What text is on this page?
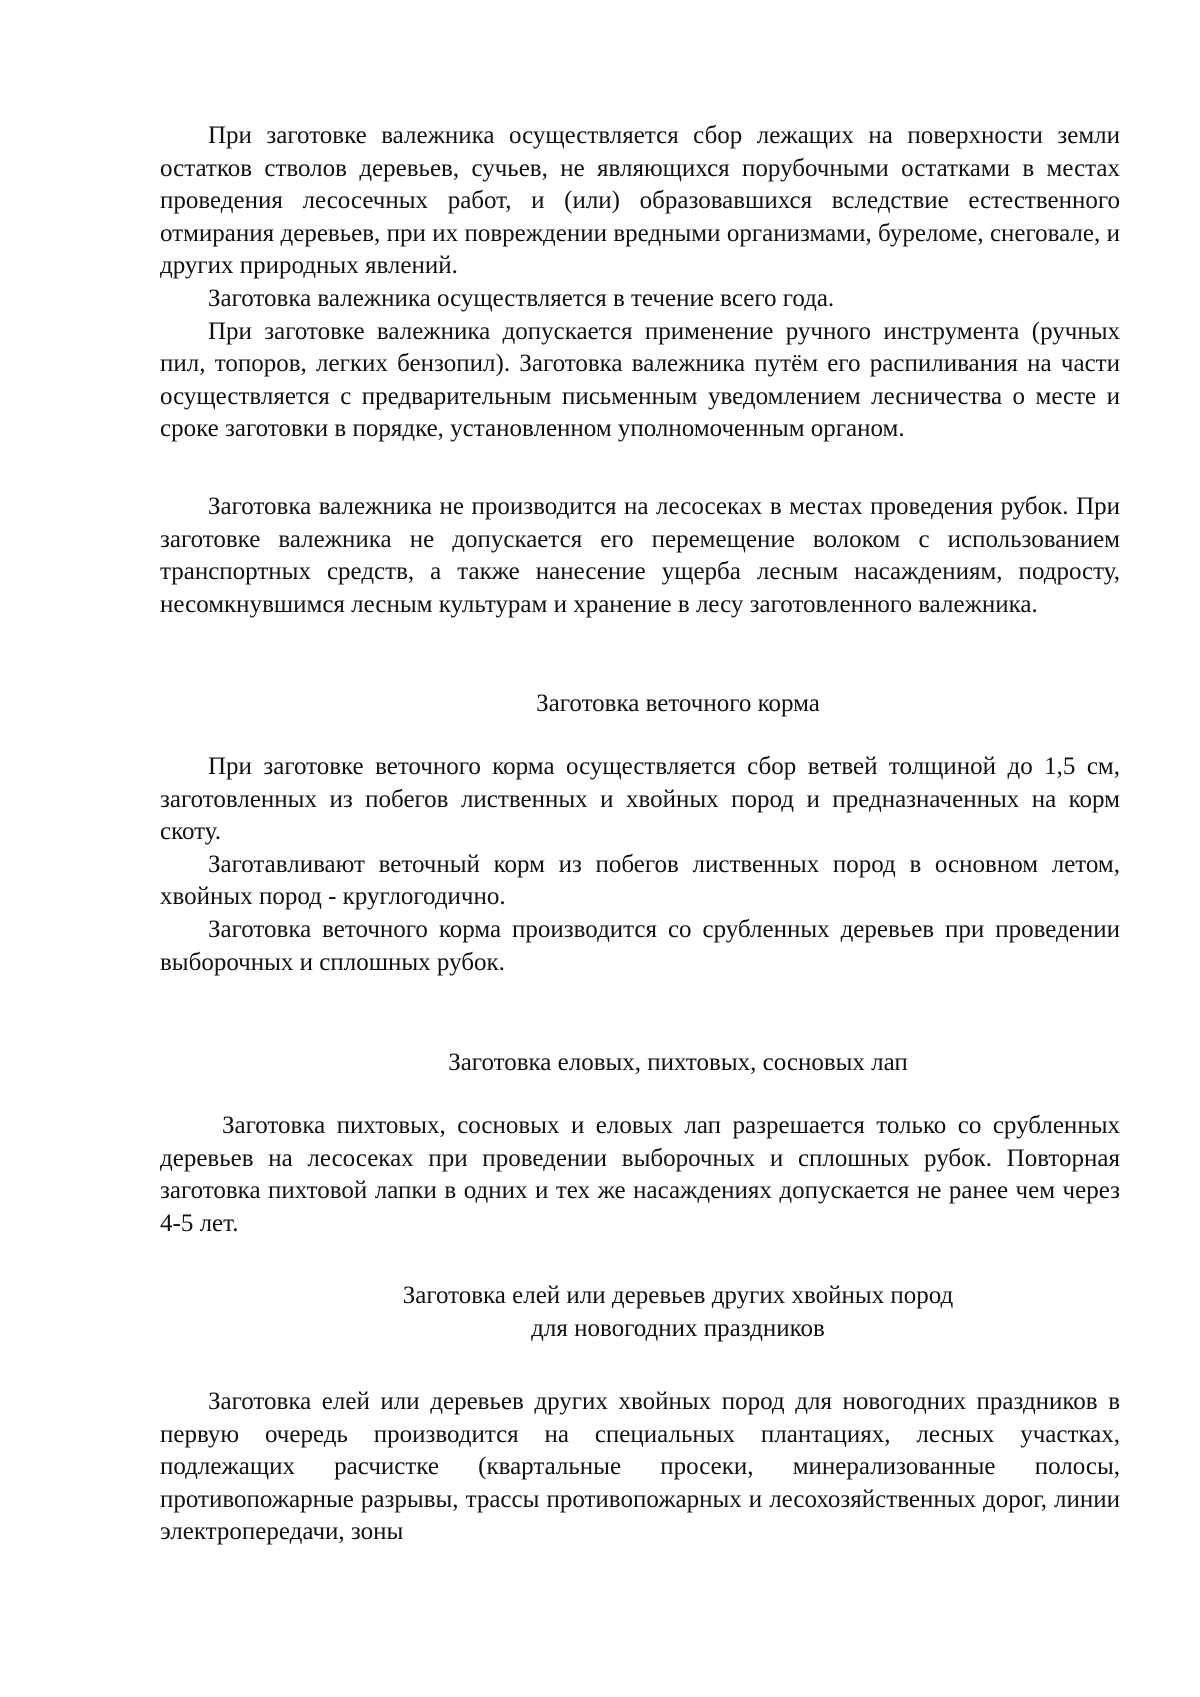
При заготовке валежника осуществляется сбор лежащих на поверхности земли остатков стволов деревьев, сучьев, не являющихся порубочными остатками в местах проведения лесосечных работ, и (или) образовавшихся вследствие естественного отмирания деревьев, при их повреждении вредными организмами, буреломе, снеговале, и других природных явлений.

Заготовка валежника осуществляется в течение всего года.

При заготовке валежника допускается применение ручного инструмента (ручных пил, топоров, легких бензопил). Заготовка валежника путём его распиливания на части осуществляется с предварительным письменным уведомлением лесничества о месте и сроке заготовки в порядке, установленном уполномоченным органом.

Заготовка валежника не производится на лесосеках в местах проведения рубок. При заготовке валежника не допускается его перемещение волоком с использованием транспортных средств, а также нанесение ущерба лесным насаждениям, подросту, несомкнувшимся лесным культурам и хранение в лесу заготовленного валежника.

Заготовка веточного корма

При заготовке веточного корма осуществляется сбор ветвей толщиной до 1,5 см, заготовленных из побегов лиственных и хвойных пород и предназначенных на корм скоту.

Заготавливают веточный корм из побегов лиственных пород в основном летом, хвойных пород - круглогодично.

Заготовка веточного корма производится со срубленных деревьев при проведении выборочных и сплошных рубок.

Заготовка еловых, пихтовых, сосновых лап

Заготовка пихтовых, сосновых и еловых лап разрешается только со срубленных деревьев на лесосеках при проведении выборочных и сплошных рубок. Повторная заготовка пихтовой лапки в одних и тех же насаждениях допускается не ранее чем через 4-5 лет.

Заготовка елей или деревьев других хвойных пород
для новогодних праздников

Заготовка елей или деревьев других хвойных пород для новогодних праздников в первую очередь производится на специальных плантациях, лесных участках, подлежащих расчистке (квартальные просеки, минерализованные полосы, противопожарные разрывы, трассы противопожарных и лесохозяйственных дорог, линии электропередачи, зоны
